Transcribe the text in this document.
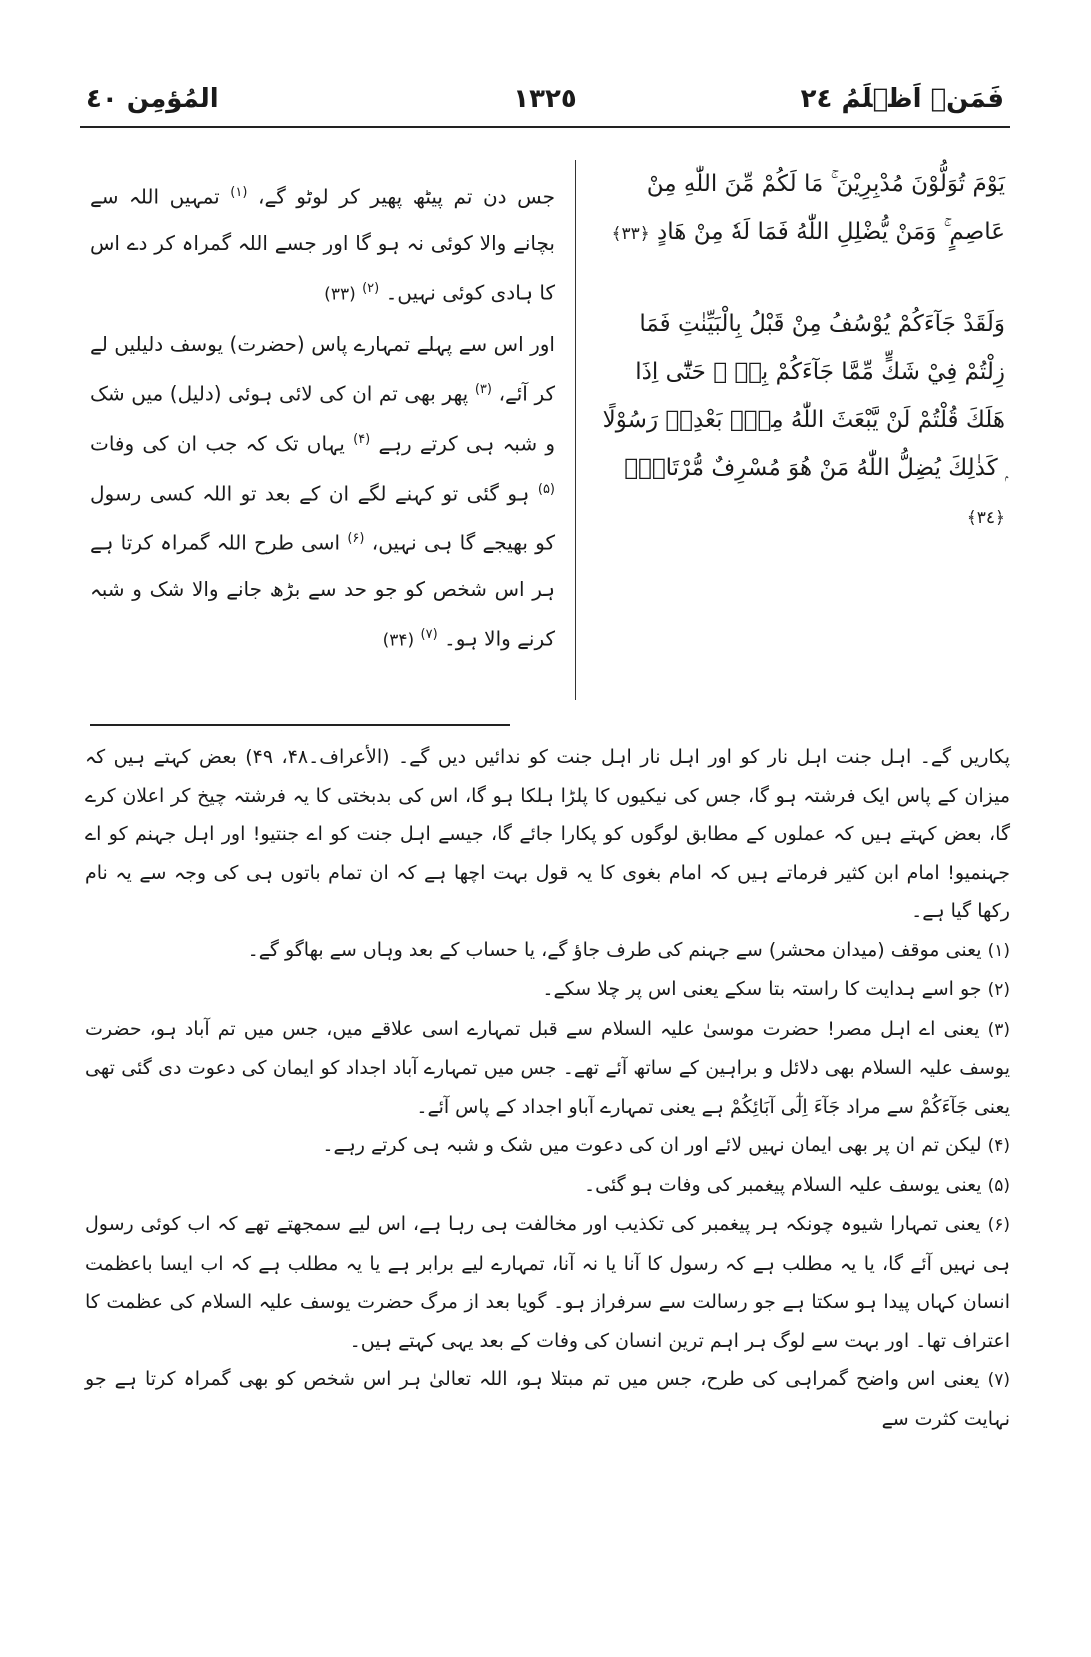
المُؤمِن ٤٠	١٣٢٥	فَمَنۡ اَظۡلَمُ ٢٤
يَوْمَ تُوَلُّوْنَ مُدْبِرِيْنَ ۚ مَا لَكُمْ مِّنَ اللّٰهِ مِنْ عَاصِمٍ ۚ وَمَنْ يُّضْلِلِ اللّٰهُ فَمَا لَهٗ مِنْ هَادٍ ﴿٣٣﴾
وَلَقَدْ جَآءَكُمْ يُوْسُفُ مِنْ قَبْلُ بِالْبَيِّنٰتِ فَمَا زِلْتُمْ فِيْ شَكٍّ مِّمَّا جَآءَكُمْ بِهٖ ۭ حَتّٰٓى اِذَا هَلَكَ قُلْتُمْ لَنْ يَّبْعَثَ اللّٰهُ مِنْۢ بَعْدِهٖ رَسُوْلًا ۭ كَذٰلِكَ يُضِلُّ اللّٰهُ مَنْ هُوَ مُسْرِفٌ مُّرْتَابُۨ ﴿٣٤﴾
جس دن تم پیٹھ پھیر کر لوٹو گے، $^{(۱)}$ تمہیں اللہ سے بچانے والا کوئی نہ ہو گا اور جسے اللہ گمراہ کر دے اس کا ہادی کوئی نہیں۔ $^{(۲)}$ (۳۳)
اور اس سے پہلے تمہارے پاس (حضرت) یوسف دلیلیں لے کر آئے، $^{(۳)}$ پھر بھی تم ان کی لائی ہوئی (دلیل) میں شک و شبہ ہی کرتے رہے $^{(۴)}$ یہاں تک کہ جب ان کی وفات $^{(۵)}$ ہو گئی تو کہنے لگے ان کے بعد تو اللہ کسی رسول کو بھیجے گا ہی نہیں، $^{(۶)}$ اسی طرح اللہ گمراہ کرتا ہے ہر اس شخص کو جو حد سے بڑھ جانے والا شک و شبہ کرنے والا ہو۔ $^{(۷)}$ (۳۴)

پکاریں گے۔ اہل جنت اہل نار کو اور اہل نار اہل جنت کو ندائیں دیں گے۔ (الأعراف۔۴۸، ۴۹) بعض کہتے ہیں کہ میزان کے پاس ایک فرشتہ ہو گا، جس کی نیکیوں کا پلڑا ہلکا ہو گا، اس کی بدبختی کا یہ فرشتہ چیخ کر اعلان کرے گا، بعض کہتے ہیں کہ عملوں کے مطابق لوگوں کو پکارا جائے گا، جیسے اہل جنت کو اے جنتیو! اور اہل جہنم کو اے جہنمیو! امام ابن کثیر فرماتے ہیں کہ امام بغوی کا یہ قول بہت اچھا ہے کہ ان تمام باتوں ہی کی وجہ سے یہ نام رکھا گیا ہے۔

(۱) یعنی موقف (میدان محشر) سے جہنم کی طرف جاؤ گے، یا حساب کے بعد وہاں سے بھاگو گے۔

(۲) جو اسے ہدایت کا راستہ بتا سکے یعنی اس پر چلا سکے۔

(۳) یعنی اے اہل مصر! حضرت موسیٰ علیہ السلام سے قبل تمہارے اسی علاقے میں، جس میں تم آباد ہو، حضرت یوسف علیہ السلام بھی دلائل و براہین کے ساتھ آئے تھے۔ جس میں تمہارے آباد اجداد کو ایمان کی دعوت دی گئی تھی یعنی جَآءَکُمْ سے مراد جَآءَ اِلٰٓی آبَائِکُمْ ہے یعنی تمہارے آباو اجداد کے پاس آئے۔

(۴) لیکن تم ان پر بھی ایمان نہیں لائے اور ان کی دعوت میں شک و شبہ ہی کرتے رہے۔

(۵) یعنی یوسف علیہ السلام پیغمبر کی وفات ہو گئی۔

(۶) یعنی تمہارا شیوہ چونکہ ہر پیغمبر کی تکذیب اور مخالفت ہی رہا ہے، اس لیے سمجھتے تھے کہ اب کوئی رسول ہی نہیں آئے گا، یا یہ مطلب ہے کہ رسول کا آنا یا نہ آنا، تمہارے لیے برابر ہے یا یہ مطلب ہے کہ اب ایسا باعظمت انسان کہاں پیدا ہو سکتا ہے جو رسالت سے سرفراز ہو۔ گویا بعد از مرگ حضرت یوسف علیہ السلام کی عظمت کا اعتراف تھا۔ اور بہت سے لوگ ہر اہم ترین انسان کی وفات کے بعد یہی کہتے ہیں۔

(۷) یعنی اس واضح گمراہی کی طرح، جس میں تم مبتلا ہو، اللہ تعالیٰ ہر اس شخص کو بھی گمراہ کرتا ہے جو نہایت کثرت سے
